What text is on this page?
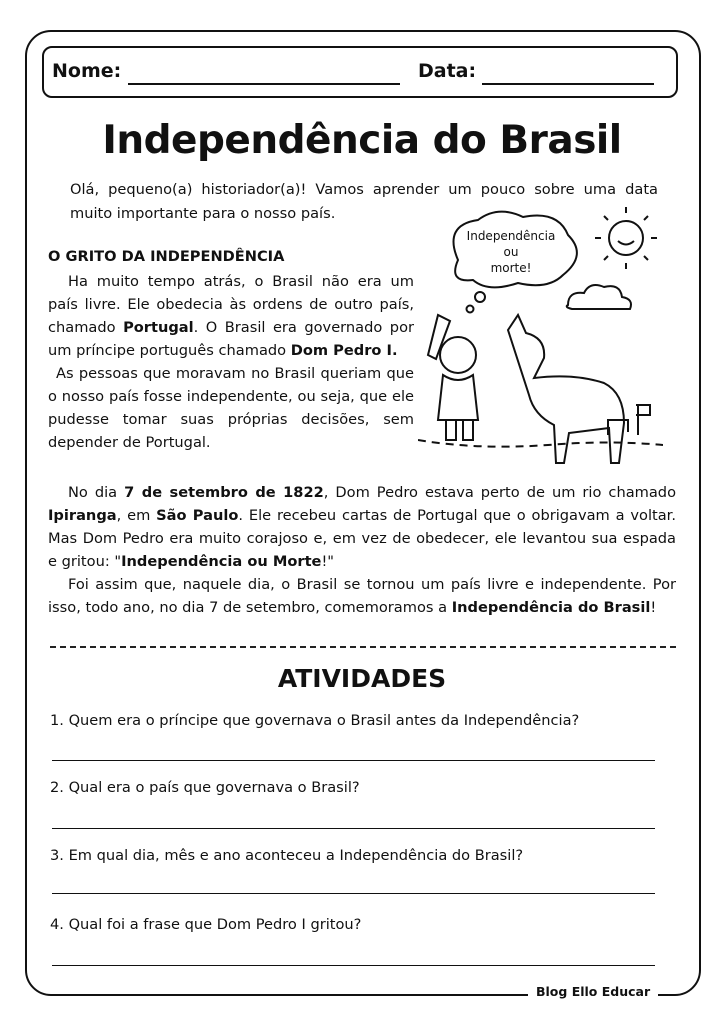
Nome:	Data:
Independência do Brasil
Olá, pequeno(a) historiador(a)! Vamos aprender um pouco sobre uma data muito importante para o nosso país.
O GRITO DA INDEPENDÊNCIA
Ha muito tempo atrás, o Brasil não era um país livre. Ele obedecia às ordens de outro país, chamado Portugal. O Brasil era governado por um príncipe português chamado Dom Pedro I.
As pessoas que moravam no Brasil queriam que o nosso país fosse independente, ou seja, que ele pudesse tomar suas próprias decisões, sem depender de Portugal.
Independência
ou
morte!
No dia 7 de setembro de 1822, Dom Pedro estava perto de um rio chamado Ipiranga, em São Paulo. Ele recebeu cartas de Portugal que o obrigavam a voltar. Mas Dom Pedro era muito corajoso e, em vez de obedecer, ele levantou sua espada e gritou: "Independência ou Morte!"
Foi assim que, naquele dia, o Brasil se tornou um país livre e independente. Por isso, todo ano, no dia 7 de setembro, comemoramos a Independência do Brasil!
ATIVIDADES
1. Quem era o príncipe que governava o Brasil antes da Independência?
2. Qual era o país que governava o Brasil?
3. Em qual dia, mês e ano aconteceu a Independência do Brasil?
4. Qual foi a frase que Dom Pedro I gritou?
Blog Ello Educar
